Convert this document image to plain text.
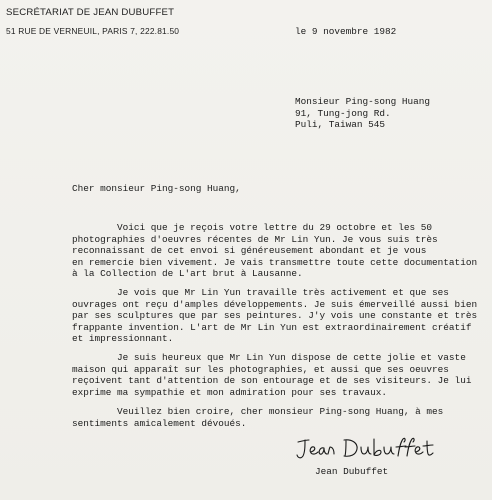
SECRÉTARIAT DE JEAN DUBUFFET
51 RUE DE VERNEUIL, PARIS 7, 222.81.50	le 9 novembre 1982
Monsieur Ping-song Huang
91, Tung-jong Rd.
Puli, Taiwan 545
Cher monsieur Ping-song Huang,
Voici que je reçois votre lettre du 29 octobre et les 50
photographies d'oeuvres récentes de Mr Lin Yun. Je vous suis très
reconnaissant de cet envoi si généreusement abondant et je vous
en remercie bien vivement. Je vais transmettre toute cette documentation
à la Collection de L'art brut à Lausanne.
Je vois que Mr Lin Yun travaille très activement et que ses
ouvrages ont reçu d'amples développements. Je suis émerveillé aussi bien
par ses sculptures que par ses peintures. J'y vois une constante et très
frappante invention. L'art de Mr Lin Yun est extraordinairement créatif
et impressionnant.
Je suis heureux que Mr Lin Yun dispose de cette jolie et vaste
maison qui apparaît sur les photographies, et aussi que ses oeuvres
reçoivent tant d'attention de son entourage et de ses visiteurs. Je lui
exprime ma sympathie et mon admiration pour ses travaux.
Veuillez bien croire, cher monsieur Ping-song Huang, à mes
sentiments amicalement dévoués.
Jean Dubuffet
